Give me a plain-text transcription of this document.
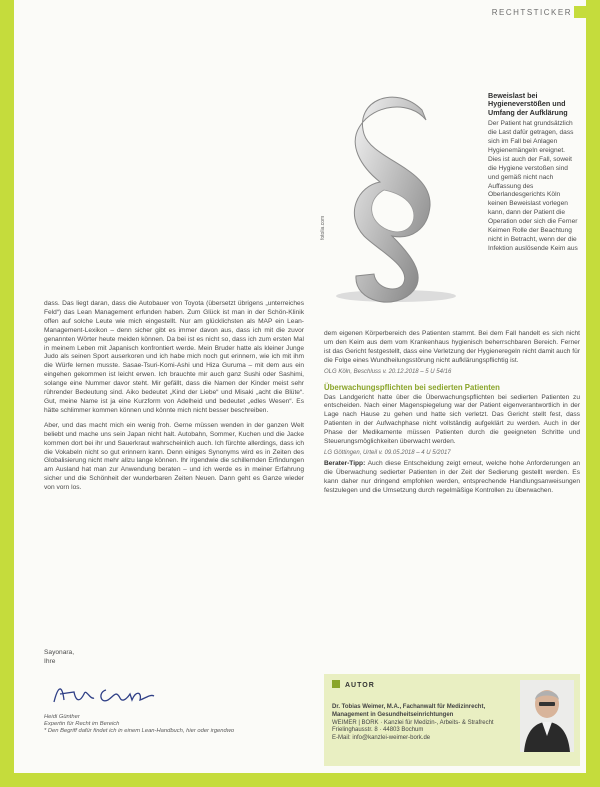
RECHTSTICKER

dass. Das liegt daran, dass die Autobauer von Toyota (übersetzt übrigens „unterreiches Feld“) das Lean Management erfunden haben. Zum Glück ist man in der Schön-Klinik offen auf solche Leute wie mich eingestellt. Nur am glücklichsten als MAP ein Lean-Management-Lexikon – denn sicher gibt es immer davon aus, dass ich mit die zuvor genannten Wörter heute meiden können. Da bei ist es nicht so, dass ich zum ersten Mal in meinem Leben mit Japanisch konfrontiert werde. Mein Bruder hatte als kleiner Junge Judo als seinen Sport auserkoren und ich habe mich noch gut erinnern, wie ich mit ihm die Würfe lernen musste. Sasae-Tsuri-Komi-Ashi und Hiza Guruma – mit dem aus ein eingehen gekommen ist leicht erwen. Ich brauchte mir auch ganz Sushi oder Sashimi, solange eine Nummer davor steht. Mir gefällt, dass die Namen der Kinder meist sehr rührender Bedeutung sind. Aiko bedeutet „Kind der Liebe“ und Misaki „acht die Blüte“. Gut, meine Name ist ja eine Kurzform von Adelheid und bedeutet „edles Wesen“. Es hätte schlimmer kommen können und könnte mich nicht besser beschreiben.

Aber, und das macht mich ein wenig froh. Gerne müssen wenden in der ganzen Welt beliebt und mache uns sein Japan nicht halt. Autobahn, Sommer, Kuchen und die Jacke kommen dort bei ihr und Sauerkraut wahrscheinlich auch. Ich fürchte allerdings, dass ich die Vokabeln nicht so gut erinnern kann. Denn einiges Synonyms wird es in Zeiten des Globalisierung nicht mehr allzu lange können. Ihr irgendwie die schillernden Erfindungen am Ausland hat man zur Anwendung beraten – und ich werde es in meiner Erfahrung sicher und die Schönheit der wunderbaren Zeiten Neuen. Dann geht es Ganze wieder von vorn los.

Sayonara,
Ihre
Heidi Günther
Expertin für Recht im Bereich
* Den Begriff dafür findet ich in einem Lean-Handbuch, hier oder irgendwo
fotolia.com
Beweislast bei Hygieneverstößen und Umfang der Aufklärung
Der Patient hat grundsätzlich die Last dafür getragen, dass sich im Fall bei Anlagen Hygienemängeln ereignet. Dies ist auch der Fall, soweit die Hygiene verstoßen sind und gemäß nicht nach Auffassung des Oberlandesgerichts Köln keinen Beweislast vorlegen kann, dann der Patient die Operation oder sich die Ferner Keimen Rolle der Beachtung nicht in Betracht, wenn der die Infektion auslösende Keim aus

dem eigenen Körperbereich des Patienten stammt. Bei dem Fall handelt es sich nicht um den Keim aus dem vom Krankenhaus hygienisch beherrschbaren Bereich. Ferner ist das Gericht festgestellt, dass eine Verletzung der Hygieneregeln nicht damit auch für die Folge eines Wundheilungsstörung nicht aufklärungspflichtig ist.

OLG Köln, Beschluss v. 20.12.2018 – 5 U 54/16

Überwachungspflichten bei sedierten Patienten

Das Landgericht hatte über die Überwachungspflichten bei sedierten Patienten zu entscheiden. Nach einer Magenspiegelung war der Patient eigenverantwortlich in der Lage nach Hause zu gehen und hatte sich verletzt. Das Gericht stellt fest, dass Patienten in der Aufwachphase nicht vollständig aufgeklärt zu werden. Auch in der Phase der Medikamente müssen Patienten durch die geeigneten Schritte und Steuerungsmöglichkeiten überwacht werden.

LG Göttingen, Urteil v. 09.05.2018 – 4 U 5/2017

Berater-Tipp: Auch diese Entscheidung zeigt erneut, welche hohe Anforderungen an die Überwachung sedierter Patienten in der Zeit der Sedierung gestellt werden. Es kann daher nur dringend empfohlen werden, entsprechende Handlungsanweisungen festzulegen und die Umsetzung durch regelmäßige Kontrollen zu überwachen.

AUTOR
Dr. Tobias Weimer, M.A., Fachanwalt für Medizinrecht, Management in Gesundheitseinrichtungen
WEIMER | BORK · Kanzlei für Medizin-, Arbeits- & Strafrecht
Frielinghausstr. 8 · 44803 Bochum
E-Mail: info@kanzlei-weimer-bork.de
